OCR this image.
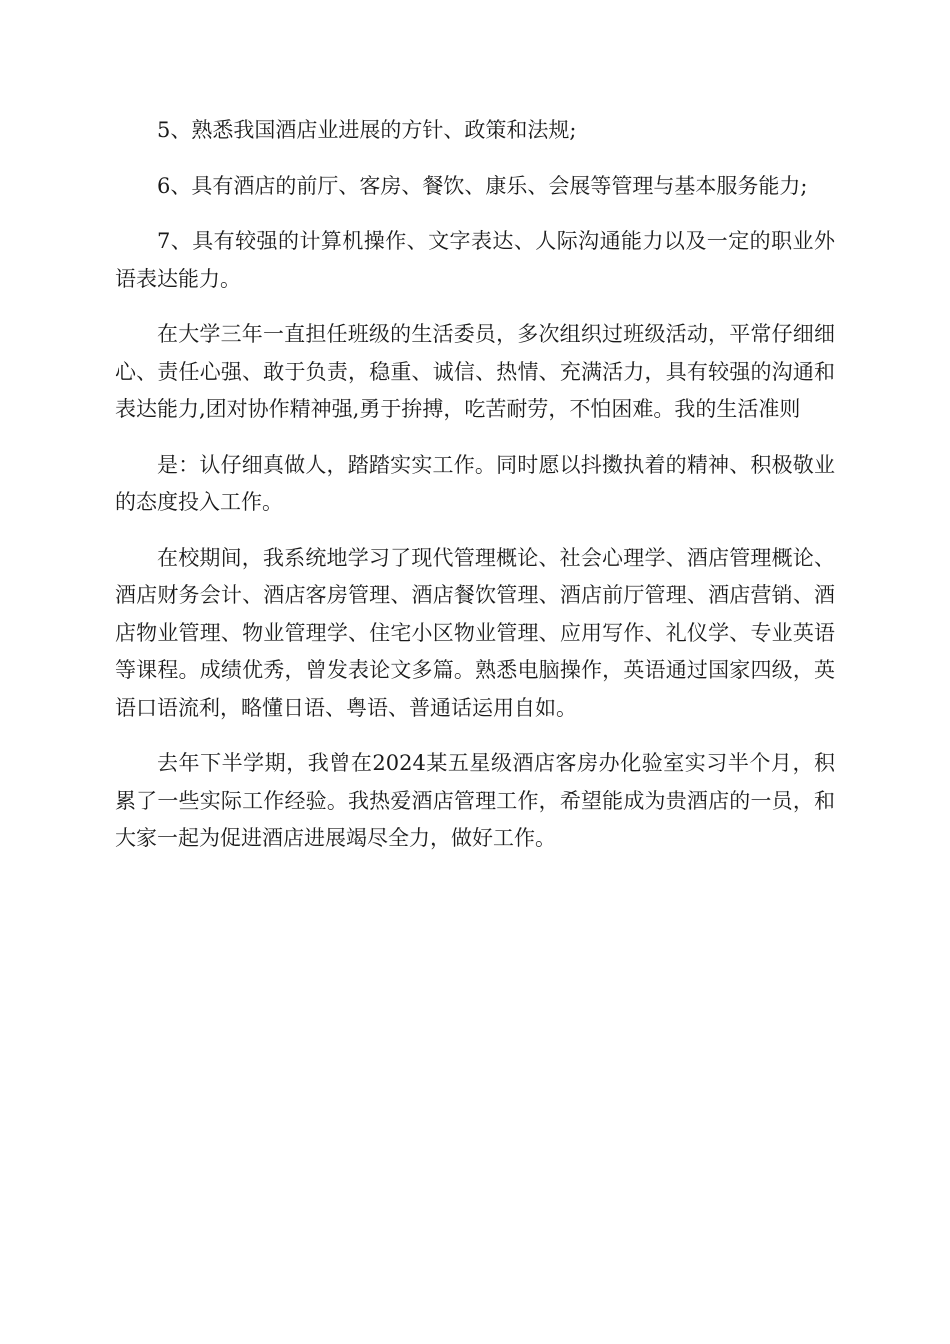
5、熟悉我国酒店业进展的方针、政策和法规;

6、具有酒店的前厅、客房、餐饮、康乐、会展等管理与基本服务能力;

7、具有较强的计算机操作、文字表达、人际沟通能力以及一定的职业外语表达能力。

在大学三年一直担任班级的生活委员，多次组织过班级活动，平常仔细细心、责任心强、敢于负责，稳重、诚信、热情、充满活力，具有较强的沟通和表达能力,团对协作精神强,勇于拚搏，吃苦耐劳，不怕困难。我的生活准则

是：认仔细真做人，踏踏实实工作。同时愿以抖擞执着的精神、积极敬业的态度投入工作。

在校期间，我系统地学习了现代管理概论、社会心理学、酒店管理概论、酒店财务会计、酒店客房管理、酒店餐饮管理、酒店前厅管理、酒店营销、酒店物业管理、物业管理学、住宅小区物业管理、应用写作、礼仪学、专业英语等课程。成绩优秀，曾发表论文多篇。熟悉电脑操作，英语通过国家四级，英语口语流利，略懂日语、粤语、普通话运用自如。

去年下半学期，我曾在2024某五星级酒店客房办化验室实习半个月，积累了一些实际工作经验。我热爱酒店管理工作，希望能成为贵酒店的一员，和大家一起为促进酒店进展竭尽全力，做好工作。
